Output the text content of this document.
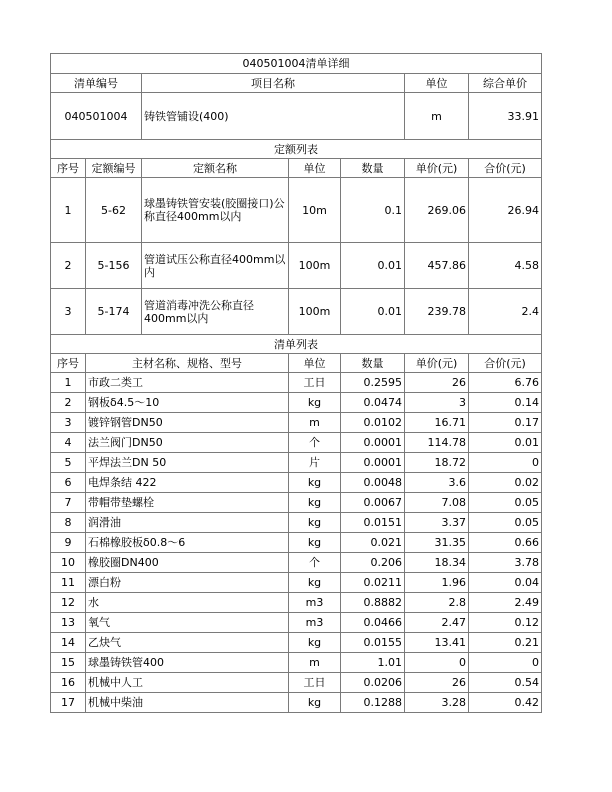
040501004清单详细						
清单编号		项目名称			单位	综合单价
040501004		铸铁管铺设(400)			m	33.91
定额列表						
序号	定额编号	定额名称	单位	数量	单价(元)	合价(元)
1	5-62	球墨铸铁管安装(胶圈接口)公称直径400mm以内	10m	0.1	269.06	26.94
2	5-156	管道试压公称直径400mm以内	100m	0.01	457.86	4.58
3	5-174	管道消毒冲洗公称直径400mm以内	100m	0.01	239.78	2.4
清单列表						
序号	主材名称、规格、型号		单位	数量	单价(元)	合价(元)
1	市政二类工		工日	0.2595	26	6.76
2	钢板δ4.5～10		kg	0.0474	3	0.14
3	镀锌钢管DN50		m	0.0102	16.71	0.17
4	法兰阀门DN50		个	0.0001	114.78	0.01
5	平焊法兰DN 50		片	0.0001	18.72	0
6	电焊条结 422		kg	0.0048	3.6	0.02
7	带帽带垫螺栓		kg	0.0067	7.08	0.05
8	润滑油		kg	0.0151	3.37	0.05
9	石棉橡胶板δ0.8～6		kg	0.021	31.35	0.66
10	橡胶圈DN400		个	0.206	18.34	3.78
11	漂白粉		kg	0.0211	1.96	0.04
12	水		m3	0.8882	2.8	2.49
13	氧气		m3	0.0466	2.47	0.12
14	乙炔气		kg	0.0155	13.41	0.21
15	球墨铸铁管400		m	1.01	0	0
16	机械中人工		工日	0.0206	26	0.54
17	机械中柴油		kg	0.1288	3.28	0.42
